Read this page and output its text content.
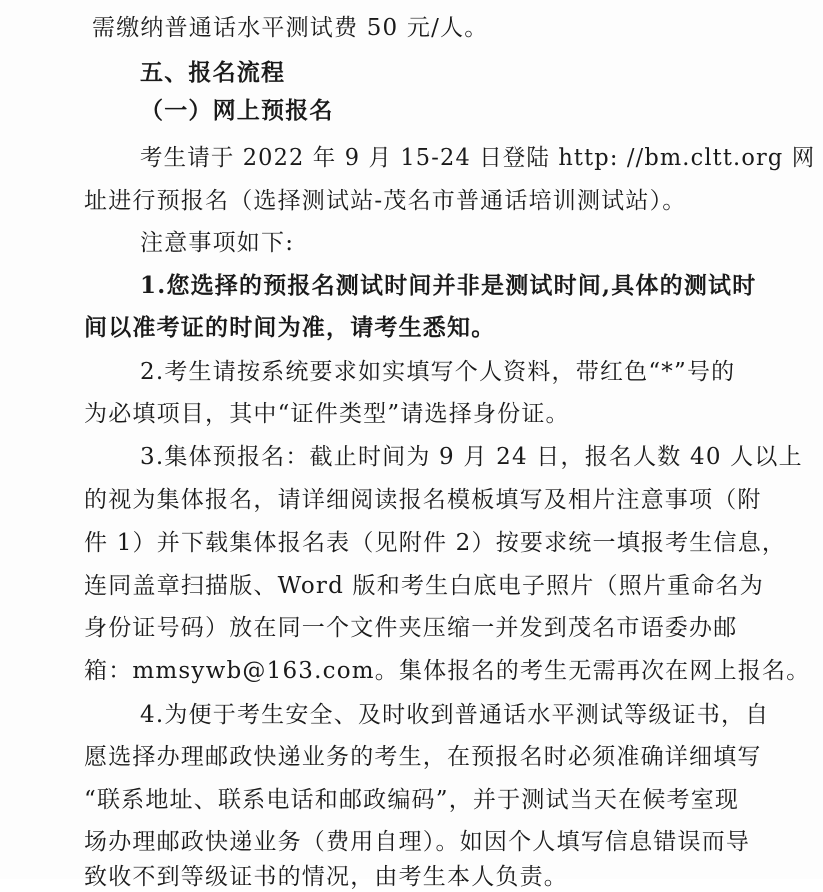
需缴纳普通话水平测试费 50 元/人。
五、报名流程
（一）网上预报名
考生请于 2022 年 9 月 15-24 日登陆 http: //bm.cltt.org 网
址进行预报名（选择测试站-茂名市普通话培训测试站）。
注意事项如下:
1.您选择的预报名测试时间并非是测试时间,具体的测试时
间以准考证的时间为准，请考生悉知。
2.考生请按系统要求如实填写个人资料，带红色“*”号的
为必填项目，其中“证件类型”请选择身份证。
3.集体预报名：截止时间为 9 月 24 日，报名人数 40 人以上
的视为集体报名，请详细阅读报名模板填写及相片注意事项（附
件 1）并下载集体报名表（见附件 2）按要求统一填报考生信息，
连同盖章扫描版、Word 版和考生白底电子照片（照片重命名为
身份证号码）放在同一个文件夹压缩一并发到茂名市语委办邮
箱：mmsywb@163.com。集体报名的考生无需再次在网上报名。
4.为便于考生安全、及时收到普通话水平测试等级证书，自
愿选择办理邮政快递业务的考生，在预报名时必须准确详细填写
“联系地址、联系电话和邮政编码”，并于测试当天在候考室现
场办理邮政快递业务（费用自理）。如因个人填写信息错误而导
致收不到等级证书的情况，由考生本人负责。
